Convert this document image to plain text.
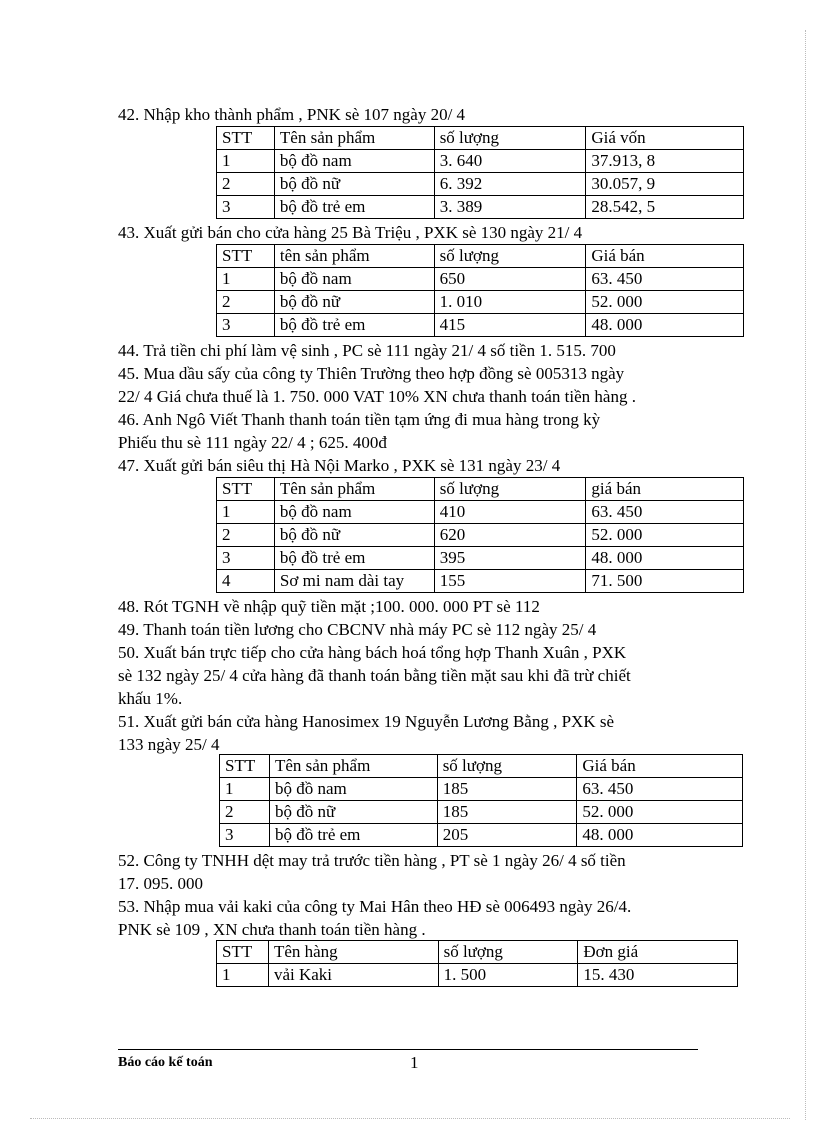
42. Nhập kho thành phẩm , PNK sè 107 ngày 20/ 4
STT	Tên sản phẩm	số lượng	Giá vốn
1	bộ đồ nam	3. 640	37.913, 8
2	bộ đồ nữ	6. 392	30.057, 9
3	bộ đồ trẻ em	3. 389	28.542, 5
43. Xuất gửi bán cho cửa hàng 25 Bà Triệu , PXK sè 130 ngày 21/ 4
STT	tên sản phẩm	số lượng	Giá bán
1	bộ đồ nam	650	63. 450
2	bộ đồ nữ	1. 010	52. 000
3	bộ đồ trẻ em	415	48. 000
44. Trả tiền chi phí làm vệ sinh , PC sè 111 ngày 21/ 4 số tiền 1. 515. 700
45. Mua dầu sấy của công ty Thiên Trường theo hợp đồng sè 005313 ngày
22/ 4 Giá chưa thuế là 1. 750. 000 VAT 10% XN chưa thanh toán tiền hàng .
46. Anh Ngô Viết Thanh thanh toán tiền tạm ứng đi mua hàng trong kỳ
Phiếu thu sè 111 ngày 22/ 4 ; 625. 400đ
47. Xuất gửi bán siêu thị Hà Nội Marko , PXK sè 131 ngày 23/ 4
STT	Tên sản phẩm	số lượng	giá bán
1	bộ đồ nam	410	63. 450
2	bộ đồ nữ	620	52. 000
3	bộ đồ trẻ em	395	48. 000
4	Sơ mi nam dài tay	155	71. 500
48. Rót TGNH về nhập quỹ tiền mặt ;100. 000. 000 PT sè 112
49. Thanh toán tiền lương cho CBCNV nhà máy PC sè 112 ngày 25/ 4
50. Xuất bán trực tiếp cho cửa hàng bách hoá tổng hợp Thanh Xuân , PXK
sè 132 ngày 25/ 4 cửa hàng đã thanh toán bằng tiền mặt sau khi đã trừ chiết
khấu 1%.
51. Xuất gửi bán cửa hàng Hanosimex 19 Nguyễn Lương Bằng , PXK sè
133 ngày 25/ 4
STT	Tên sản phẩm	số lượng	Giá bán
1	bộ đồ nam	185	63. 450
2	bộ đồ nữ	185	52. 000
3	bộ đồ trẻ em	205	48. 000
52. Công ty TNHH dệt may trả trước tiền hàng , PT sè 1 ngày 26/ 4 số tiền
17. 095. 000
53. Nhập mua vải kaki của công ty Mai Hân theo HĐ sè 006493 ngày 26/4.
PNK sè 109 , XN chưa thanh toán tiền hàng .
STT	Tên hàng	số lượng	Đơn giá
1	vải Kaki	1. 500	15. 430
Báo cáo kế toán	1
